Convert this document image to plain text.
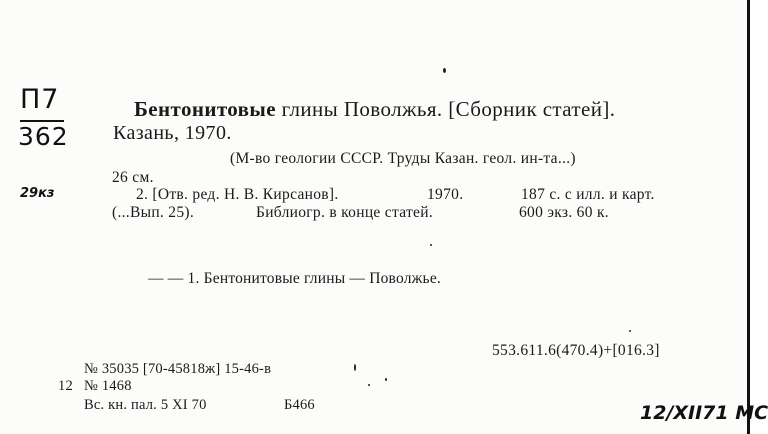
П7
362
29кз
Бентонитовые глины Поволжья. [Сборник статей].
Казань, 1970.
(М-во геологии СССР. Труды Казан. геол. ин-та...)
26 см.
2. [Отв. ред. Н. В. Кирсанов].	1970.	187 с. с илл. и карт.
(...Вып. 25).	Библиогр. в конце статей.	600 экз. 60 к.
— — 1. Бентонитовые глины — Поволжье.
553.611.6(470.4)+[016.3]
№ 35035 [70-45818ж] 15-46-в
12 № 1468
Вс. кн. пал. 5 XI 70	Б466	12/XII71 МС
